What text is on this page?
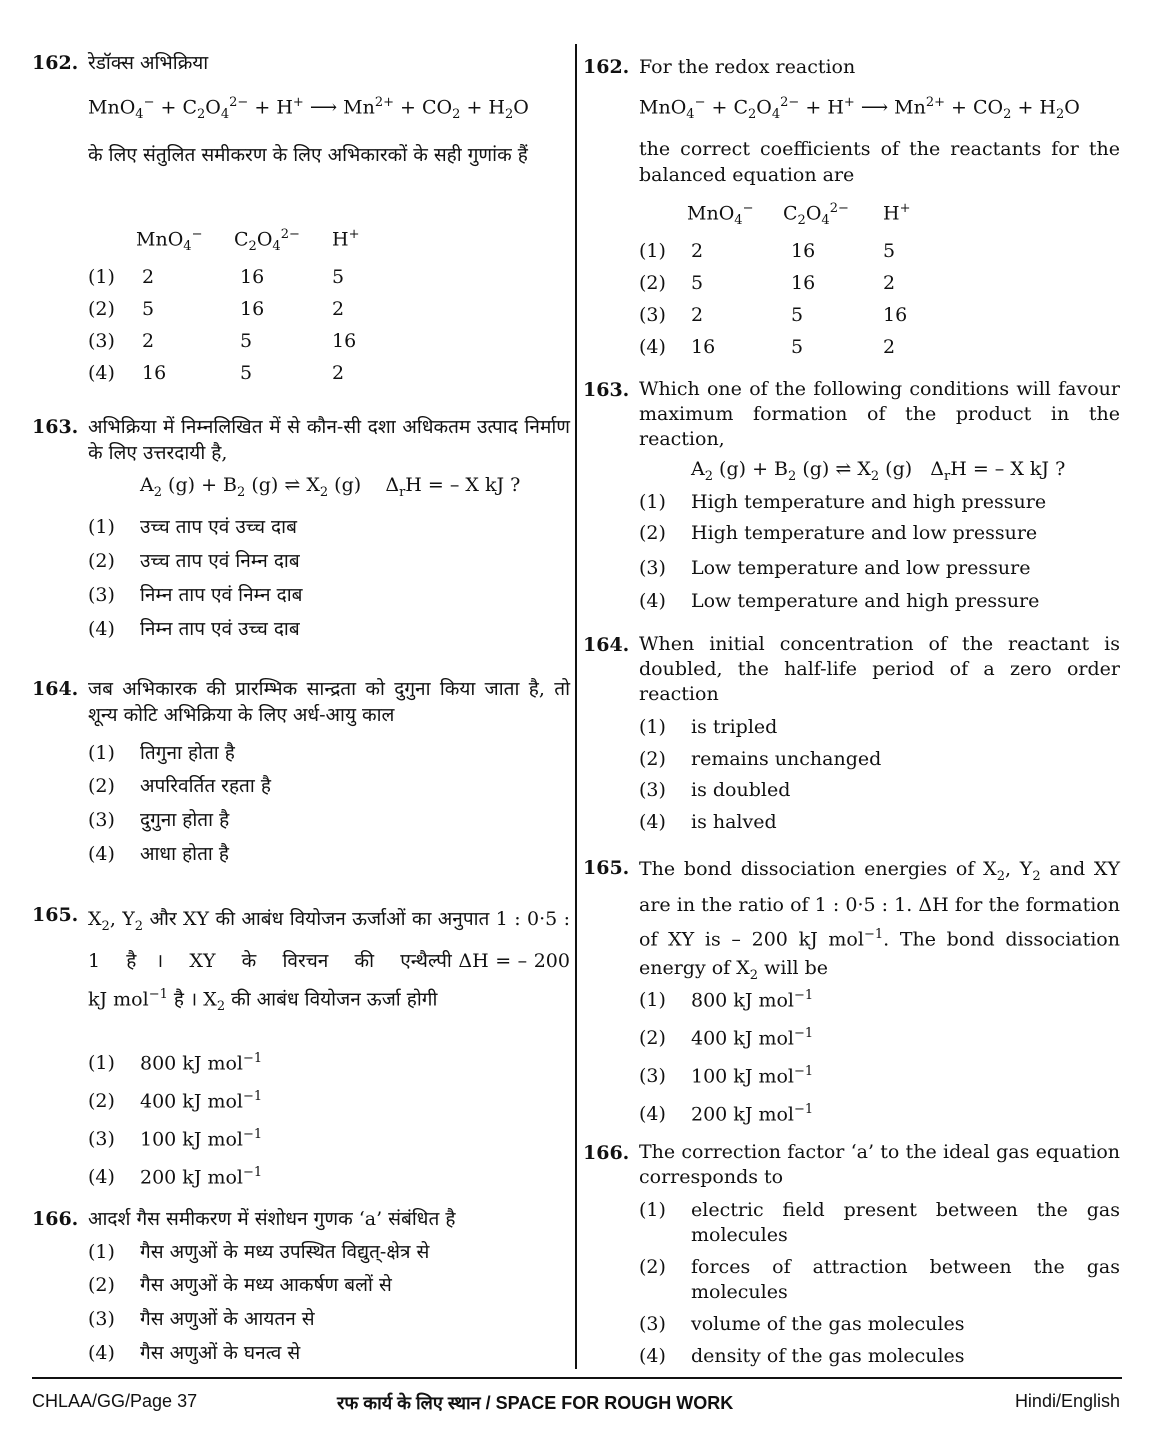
162. रेडॉक्स अभिक्रिया
$MnO_4^- + C_2O_4^{2-} + H^+$ ⟶ $Mn^{2+} + CO_2 + H_2O$
के लिए संतुलित समीकरण के लिए अभिकारकों के सही गुणांक हैं
MnO$_4$− $C_2O_4^{2-}$ H+
(1) 2	16	5
(2) 5	16	2
(3) 2	5	16
(4) 16	5	2
163. अभिक्रिया में निम्नलिखित में से कौन-सी दशा अधिकतम उत्पाद निर्माण के लिए उत्तरदायी है,
$A_2$ $(g) + B_2$ (g) ⇌ $X_2$ (g)    $\Delta_rH$ = – X kJ ?
(1) उच्च ताप एवं उच्च दाब
(2) उच्च ताप एवं निम्न दाब
(3) निम्न ताप एवं निम्न दाब
(4) निम्न ताप एवं उच्च दाब
164. जब अभिकारक की प्रारम्भिक सान्द्रता को दुगुना किया जाता है, तो शून्य कोटि अभिक्रिया के लिए अर्ध-आयु काल
(1) तिगुना होता है
(2) अपरिवर्तित रहता है
(3) दुगुना होता है
(4) आधा होता है
165. $X_2$, $Y_2$ और XY की आबंध वियोजन ऊर्जाओं का अनुपात 1 : 0·5 : 1    है   ।    XY    के    विरचन    की    एन्थैल्पी ΔH = – 200 kJ mol$^{-1}$ है । $X_2$ की आबंध वियोजन ऊर्जा होगी
(1) 800 kJ mol$^{-1}$
(2) 400 kJ mol$^{-1}$
(3) 100 kJ mol$^{-1}$
(4) 200 kJ mol$^{-1}$
166. आदर्श गैस समीकरण में संशोधन गुणक ‘a’ संबंधित है
(1) गैस अणुओं के मध्य उपस्थित विद्युत्-क्षेत्र से
(2) गैस अणुओं के मध्य आकर्षण बलों से
(3) गैस अणुओं के आयतन से
(4) गैस अणुओं के घनत्व से
162. For the redox reaction
$MnO_4^- + C_2O_4^{2-} + H^+$ ⟶ $Mn^{2+} + CO_2 + H_2O$
the correct coefficients of the reactants for the balanced equation are
MnO$_4$− $C_2O_4^{2-}$ H+
(1) 2	16	5
(2) 5	16	2
(3) 2	5	16
(4) 16	5	2
163. Which one of the following conditions will favour maximum formation of the product in the reaction,
$A_2$ $(g) + B_2$ (g) ⇌ $X_2$ (g)   $\Delta_rH$ = – X kJ ?
(1) High temperature and high pressure
(2) High temperature and low pressure
(3) Low temperature and low pressure
(4) Low temperature and high pressure
164. When initial concentration of the reactant is doubled, the half-life period of a zero order reaction
(1) is tripled
(2) remains unchanged
(3) is doubled
(4) is halved
165. The bond dissociation energies of $X_2$, $Y_2$ and XY are in the ratio of 1 : 0·5 : 1. ΔH for the formation of XY is – 200 kJ mol$^{-1}$. The bond dissociation energy of $X_2$ will be
(1) 800 kJ mol$^{-1}$
(2) 400 kJ mol$^{-1}$
(3) 100 kJ mol$^{-1}$
(4) 200 kJ mol$^{-1}$
166. The correction factor ‘a’ to the ideal gas equation corresponds to
(1) electric field present between the gas molecules
(2) forces of attraction between the gas molecules
(3) volume of the gas molecules
(4) density of the gas molecules
CHLAA/GG/Page 37	रफ कार्य के लिए स्थान / SPACE FOR ROUGH WORK	Hindi/English
